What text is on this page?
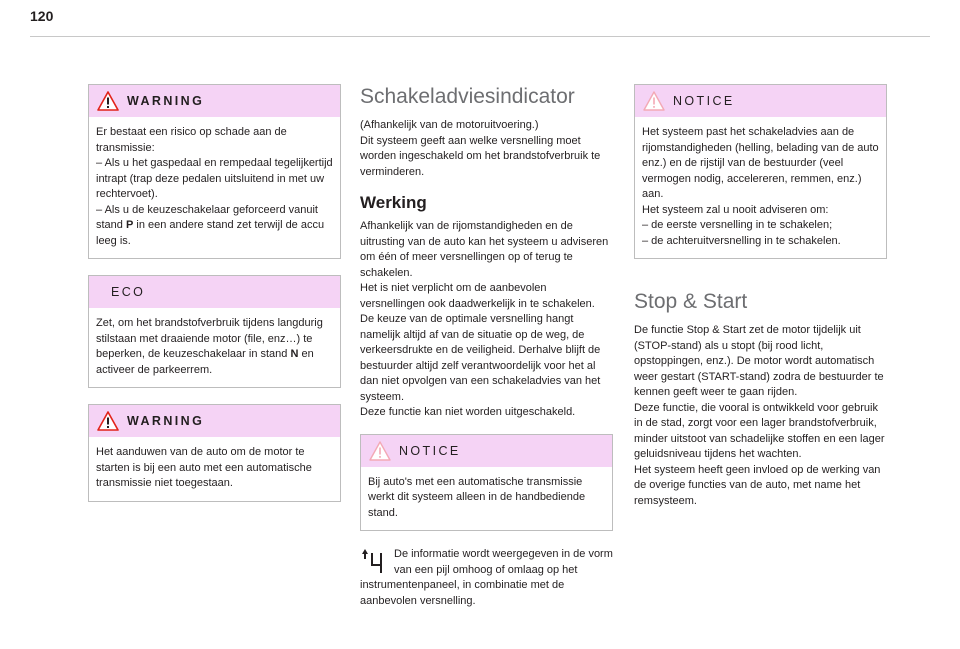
120
WARNING

Er bestaat een risico op schade aan de transmissie:

– Als u het gaspedaal en rempedaal tegelijkertijd intrapt (trap deze pedalen uitsluitend in met uw rechtervoet).

– Als u de keuzeschakelaar geforceerd vanuit stand P in een andere stand zet terwijl de accu leeg is.

ECO

Zet, om het brandstofverbruik tijdens langdurig stilstaan met draaiende motor (file, enz…) te beperken, de keuzeschakelaar in stand N en activeer de parkeerrem.

WARNING

Het aanduwen van de auto om de motor te starten is bij een auto met een automatische transmissie niet toegestaan.

Schakeladviesindicator

(Afhankelijk van de motoruitvoering.)

Dit systeem geeft aan welke versnelling moet worden ingeschakeld om het brandstofverbruik te verminderen.

Werking

Afhankelijk van de rijomstandigheden en de uitrusting van de auto kan het systeem u adviseren om één of meer versnellingen op of terug te schakelen.

Het is niet verplicht om de aanbevolen versnellingen ook daadwerkelijk in te schakelen.

De keuze van de optimale versnelling hangt namelijk altijd af van de situatie op de weg, de verkeersdrukte en de veiligheid. Derhalve blijft de bestuurder altijd zelf verantwoordelijk voor het al dan niet opvolgen van een schakeladvies van het systeem.

Deze functie kan niet worden uitgeschakeld.

NOTICE

Bij auto's met een automatische transmissie werkt dit systeem alleen in de handbediende stand.

De informatie wordt weergegeven in de vorm van een pijl omhoog of omlaag op het instrumentenpaneel, in combinatie met de aanbevolen versnelling.

NOTICE

Het systeem past het schakeladvies aan de rijomstandigheden (helling, belading van de auto enz.) en de rijstijl van de bestuurder (veel vermogen nodig, accelereren, remmen, enz.) aan.

Het systeem zal u nooit adviseren om:

– de eerste versnelling in te schakelen;

– de achteruitversnelling in te schakelen.

Stop & Start

De functie Stop & Start zet de motor tijdelijk uit (STOP-stand) als u stopt (bij rood licht, opstoppingen, enz.). De motor wordt automatisch weer gestart (START-stand) zodra de bestuurder te kennen geeft weer te gaan rijden.

Deze functie, die vooral is ontwikkeld voor gebruik in de stad, zorgt voor een lager brandstofverbruik, minder uitstoot van schadelijke stoffen en een lager geluidsniveau tijdens het wachten.

Het systeem heeft geen invloed op de werking van de overige functies van de auto, met name het remsysteem.
